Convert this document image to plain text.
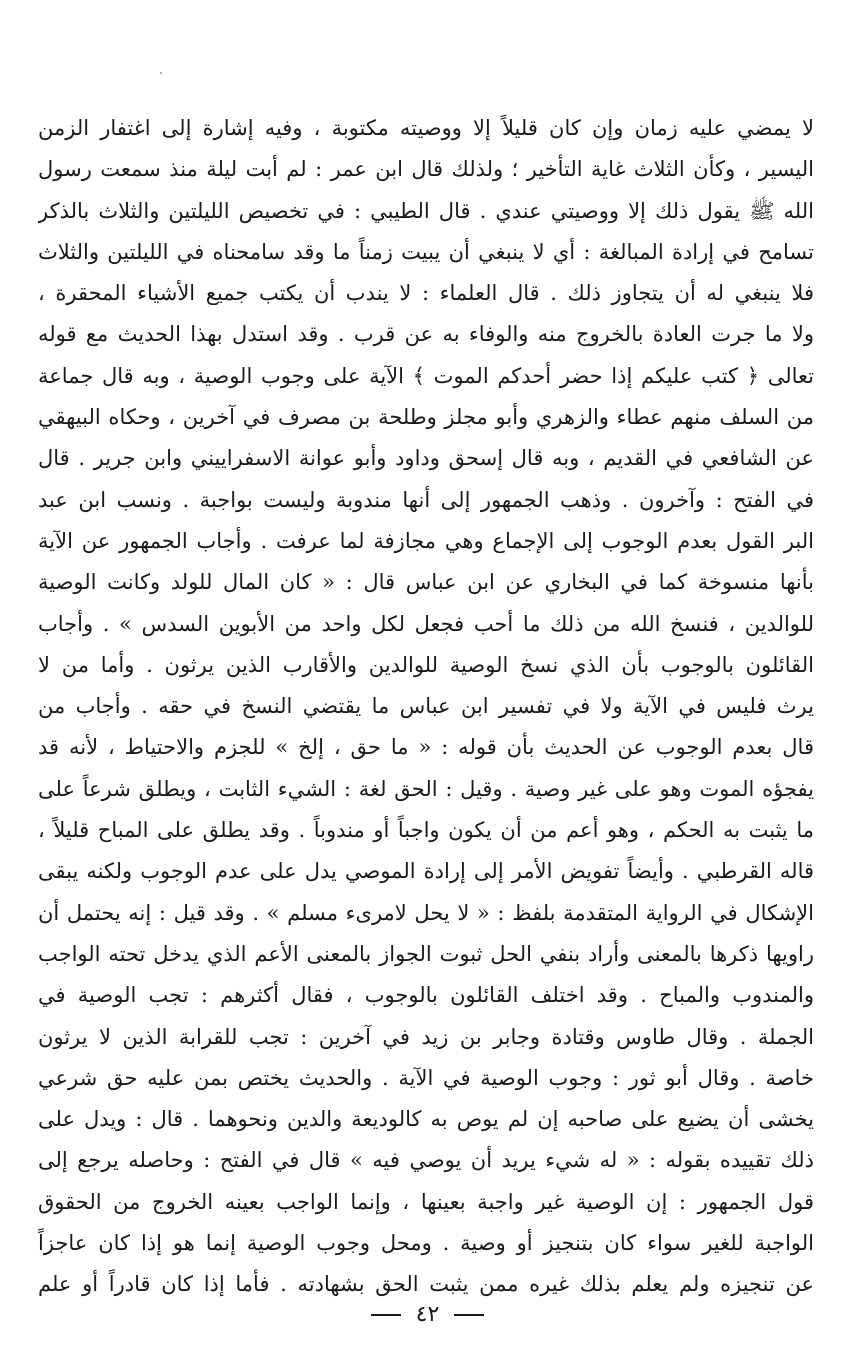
لا يمضي عليه زمان وإن كان قليلاً إلا ووصيته مكتوبة ، وفيه إشارة إلى اغتفار الزمن
اليسير ، وكأن الثلاث غاية التأخير ؛ ولذلك قال ابن عمر : لم أبت ليلة منذ سمعت رسول
الله ﷺ يقول ذلك إلا ووصيتي عندي . قال الطيبي : في تخصيص الليلتين والثلاث بالذكر
تسامح في إرادة المبالغة : أي لا ينبغي أن يبيت زمناً ما وقد سامحناه في الليلتين والثلاث
فلا ينبغي له أن يتجاوز ذلك . قال العلماء : لا يندب أن يكتب جميع الأشياء المحقرة ،
ولا ما جرت العادة بالخروج منه والوفاء به عن قرب . وقد استدل بهذا الحديث مع قوله
تعالى ﴿ كتب عليكم إذا حضر أحدكم الموت ﴾ الآية على وجوب الوصية ، وبه قال جماعة
من السلف منهم عطاء والزهري وأبو مجلز وطلحة بن مصرف في آخرين ، وحكاه البيهقي
عن الشافعي في القديم ، وبه قال إسحق وداود وأبو عوانة الاسفراييني وابن جرير . قال
في الفتح : وآخرون . وذهب الجمهور إلى أنها مندوبة وليست بواجبة . ونسب ابن عبد
البر القول بعدم الوجوب إلى الإجماع وهي مجازفة لما عرفت . وأجاب الجمهور عن الآية
بأنها منسوخة كما في البخاري عن ابن عباس قال : « كان المال للولد وكانت الوصية
للوالدين ، فنسخ الله من ذلك ما أحب فجعل لكل واحد من الأبوين السدس » . وأجاب
القائلون بالوجوب بأن الذي نسخ الوصية للوالدين والأقارب الذين يرثون . وأما من لا
يرث فليس في الآية ولا في تفسير ابن عباس ما يقتضي النسخ في حقه . وأجاب من
قال بعدم الوجوب عن الحديث بأن قوله : « ما حق ، إلخ » للجزم والاحتياط ، لأنه قد
يفجؤه الموت وهو على غير وصية . وقيل : الحق لغة : الشيء الثابت ، ويطلق شرعاً على
ما يثبت به الحكم ، وهو أعم من أن يكون واجباً أو مندوباً . وقد يطلق على المباح قليلاً ،
قاله القرطبي . وأيضاً تفويض الأمر إلى إرادة الموصي يدل على عدم الوجوب ولكنه يبقى
الإشكال في الرواية المتقدمة بلفظ : « لا يحل لامرىء مسلم » . وقد قيل : إنه يحتمل أن
راويها ذكرها بالمعنى وأراد بنفي الحل ثبوت الجواز بالمعنى الأعم الذي يدخل تحته الواجب
والمندوب والمباح . وقد اختلف القائلون بالوجوب ، فقال أكثرهم : تجب الوصية في
الجملة . وقال طاوس وقتادة وجابر بن زيد في آخرين : تجب للقرابة الذين لا يرثون
خاصة . وقال أبو ثور : وجوب الوصية في الآية . والحديث يختص بمن عليه حق شرعي
يخشى أن يضيع على صاحبه إن لم يوص به كالوديعة والدين ونحوهما . قال : ويدل على
ذلك تقييده بقوله : « له شيء يريد أن يوصي فيه » قال في الفتح : وحاصله يرجع إلى
قول الجمهور : إن الوصية غير واجبة بعينها ، وإنما الواجب بعينه الخروج من الحقوق
الواجبة للغير سواء كان بتنجيز أو وصية . ومحل وجوب الوصية إنما هو إذا كان عاجزاً
عن تنجيزه ولم يعلم بذلك غيره ممن يثبت الحق بشهادته . فأما إذا كان قادراً أو علم
٤٢
